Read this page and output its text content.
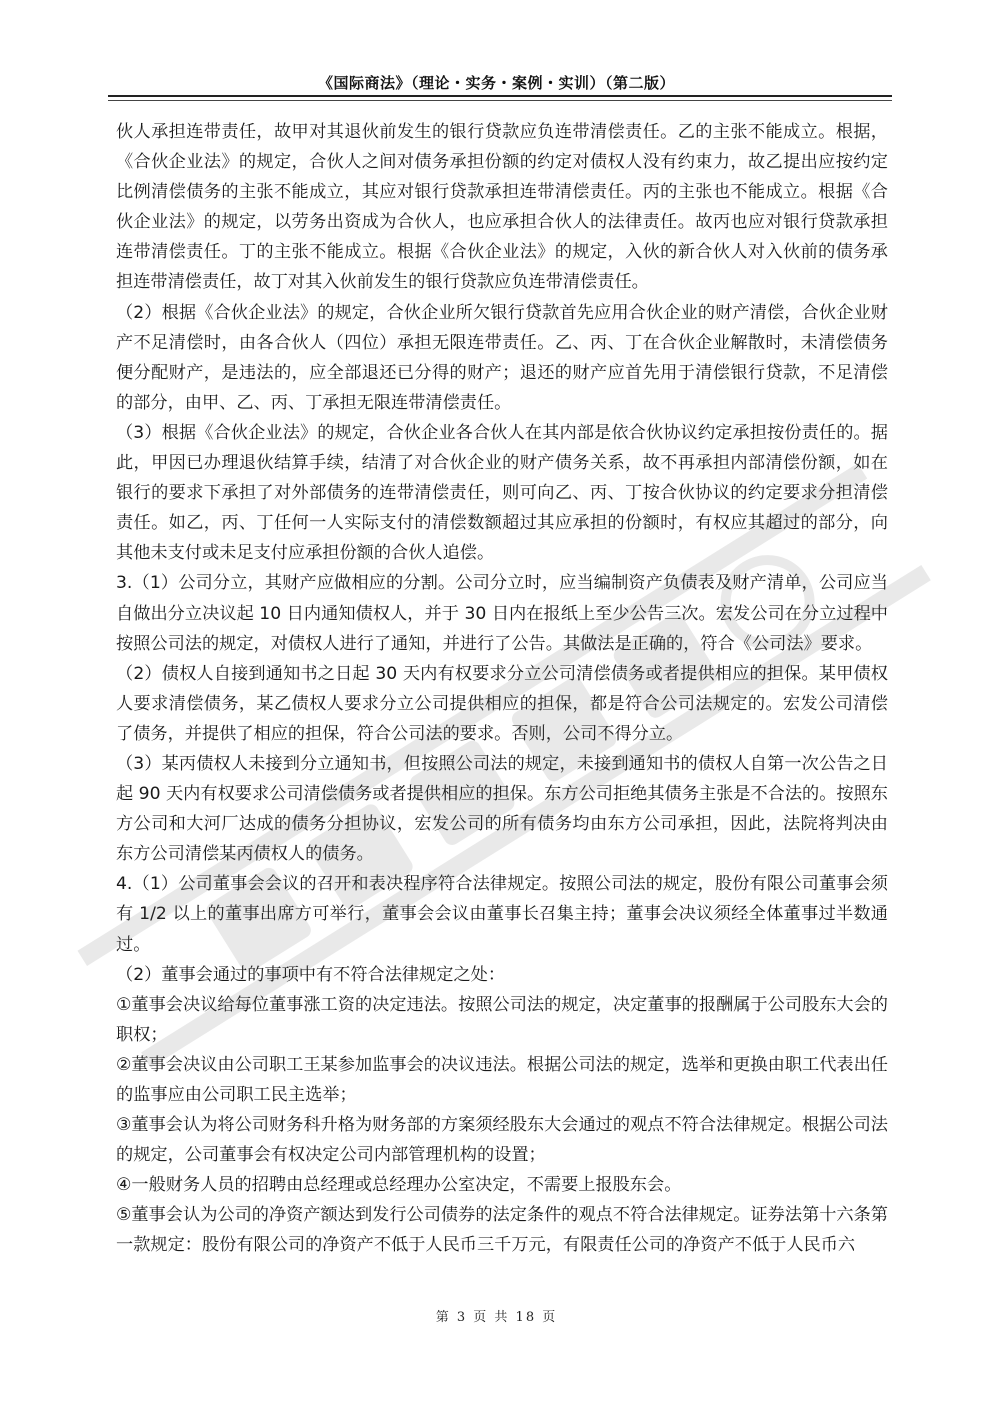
《国际商法》（理论・实务・案例・实训）（第二版）

伙人承担连带责任，故甲对其退伙前发生的银行贷款应负连带清偿责任。乙的主张不能成立。根据，《合伙企业法》的规定，合伙人之间对债务承担份额的约定对债权人没有约束力，故乙提出应按约定比例清偿债务的主张不能成立，其应对银行贷款承担连带清偿责任。丙的主张也不能成立。根据《合伙企业法》的规定，以劳务出资成为合伙人，也应承担合伙人的法律责任。故丙也应对银行贷款承担连带清偿责任。丁的主张不能成立。根据《合伙企业法》的规定，入伙的新合伙人对入伙前的债务承担连带清偿责任，故丁对其入伙前发生的银行贷款应负连带清偿责任。

（2）根据《合伙企业法》的规定，合伙企业所欠银行贷款首先应用合伙企业的财产清偿，合伙企业财产不足清偿时，由各合伙人（四位）承担无限连带责任。乙、丙、丁在合伙企业解散时，未清偿债务便分配财产，是违法的，应全部退还已分得的财产；退还的财产应首先用于清偿银行贷款，不足清偿的部分，由甲、乙、丙、丁承担无限连带清偿责任。

（3）根据《合伙企业法》的规定，合伙企业各合伙人在其内部是依合伙协议约定承担按份责任的。据此，甲因已办理退伙结算手续，结清了对合伙企业的财产债务关系，故不再承担内部清偿份额，如在银行的要求下承担了对外部债务的连带清偿责任，则可向乙、丙、丁按合伙协议的约定要求分担清偿责任。如乙，丙、丁任何一人实际支付的清偿数额超过其应承担的份额时，有权应其超过的部分，向其他未支付或未足支付应承担份额的合伙人追偿。

3.（1）公司分立，其财产应做相应的分割。公司分立时，应当编制资产负债表及财产清单，公司应当自做出分立决议起 10 日内通知债权人，并于 30 日内在报纸上至少公告三次。宏发公司在分立过程中按照公司法的规定，对债权人进行了通知，并进行了公告。其做法是正确的，符合《公司法》要求。

（2）债权人自接到通知书之日起 30 天内有权要求分立公司清偿债务或者提供相应的担保。某甲债权人要求清偿债务，某乙债权人要求分立公司提供相应的担保，都是符合公司法规定的。宏发公司清偿了债务，并提供了相应的担保，符合公司法的要求。否则，公司不得分立。

（3）某丙债权人未接到分立通知书，但按照公司法的规定，未接到通知书的债权人自第一次公告之日起 90 天内有权要求公司清偿债务或者提供相应的担保。东方公司拒绝其债务主张是不合法的。按照东方公司和大河厂达成的债务分担协议，宏发公司的所有债务均由东方公司承担，因此，法院将判决由东方公司清偿某丙债权人的债务。

4.（1）公司董事会会议的召开和表决程序符合法律规定。按照公司法的规定，股份有限公司董事会须有 1/2 以上的董事出席方可举行，董事会会议由董事长召集主持；董事会决议须经全体董事过半数通过。

（2）董事会通过的事项中有不符合法律规定之处：

①董事会决议给每位董事涨工资的决定违法。按照公司法的规定，决定董事的报酬属于公司股东大会的职权；

②董事会决议由公司职工王某参加监事会的决议违法。根据公司法的规定，选举和更换由职工代表出任的监事应由公司职工民主选举；

③董事会认为将公司财务科升格为财务部的方案须经股东大会通过的观点不符合法律规定。根据公司法的规定，公司董事会有权决定公司内部管理机构的设置；

④一般财务人员的招聘由总经理或总经理办公室决定，不需要上报股东会。

⑤董事会认为公司的净资产额达到发行公司债券的法定条件的观点不符合法律规定。证券法第十六条第一款规定：股份有限公司的净资产不低于人民币三千万元，有限责任公司的净资产不低于人民币六

第 3 页 共 18 页
